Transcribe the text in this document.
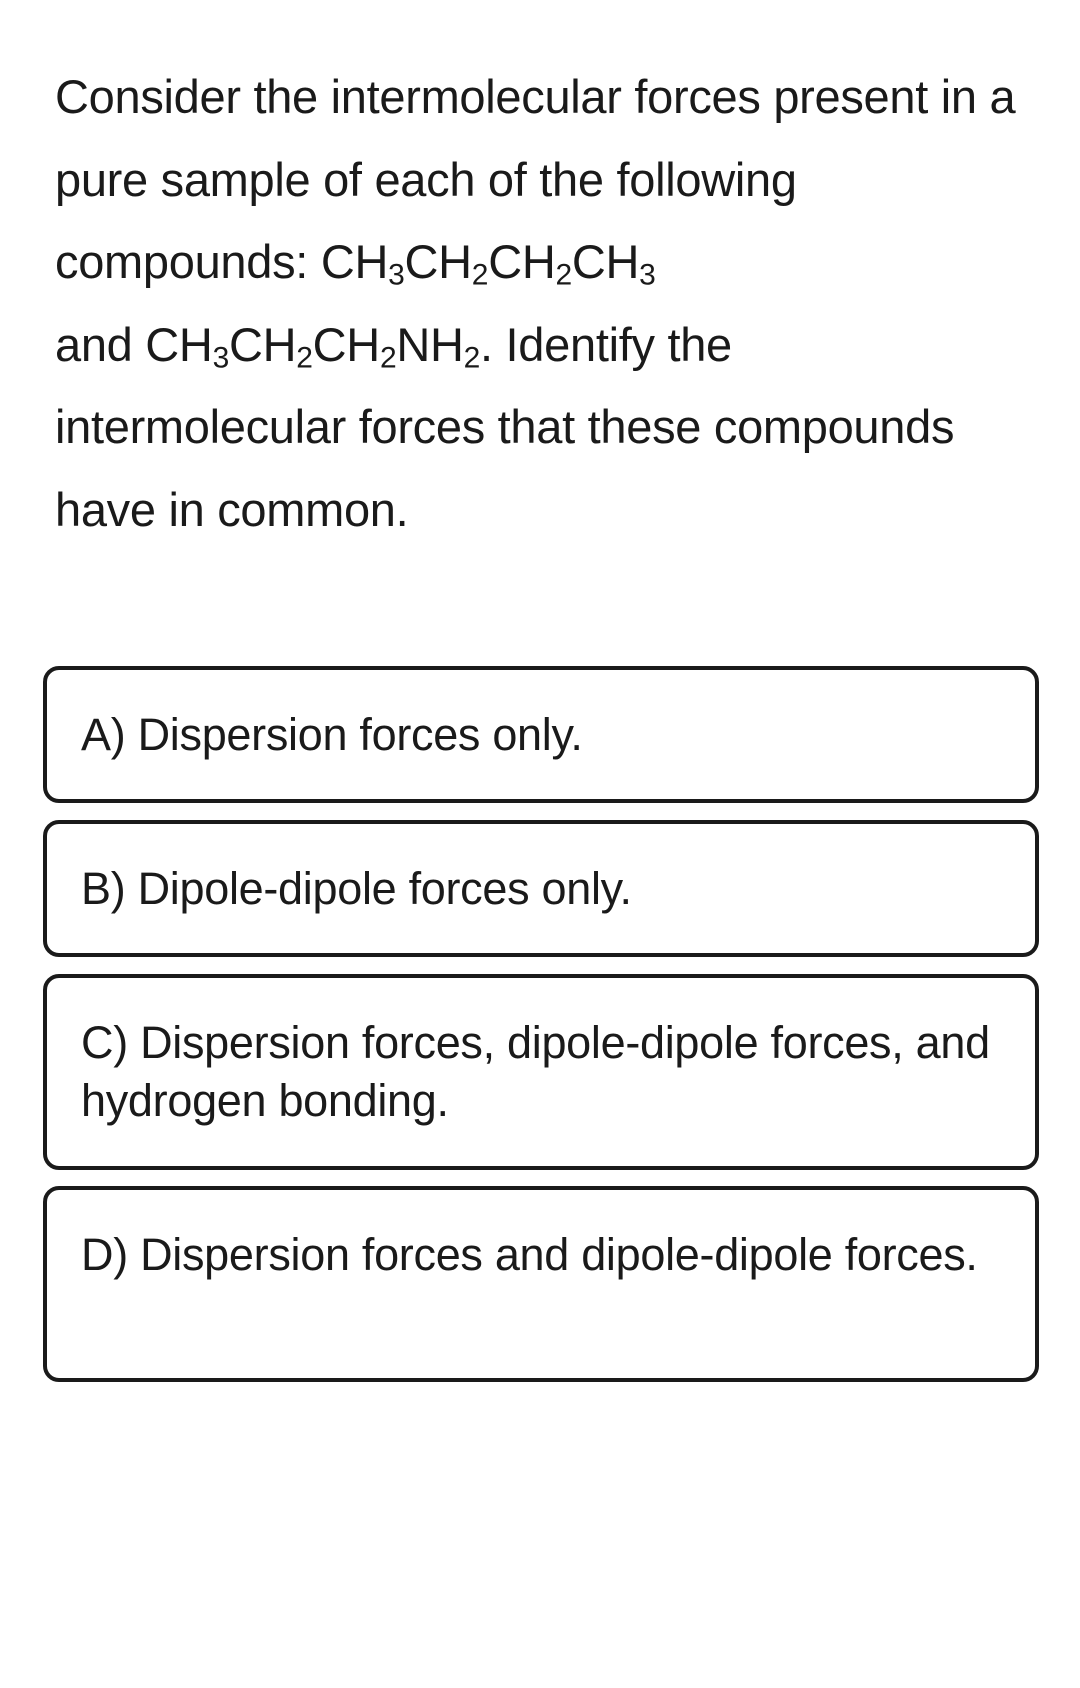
Consider the intermolecular forces present in a pure sample of each of the following compounds: $CH_3CH_2CH_2CH_3$
and $CH_3CH_2CH_2NH_2$. Identify the intermolecular forces that these compounds have in common.
A) Dispersion forces only.
B) Dipole-dipole forces only.
C) Dispersion forces, dipole-dipole forces, and hydrogen bonding.
D) Dispersion forces and dipole-dipole forces.
